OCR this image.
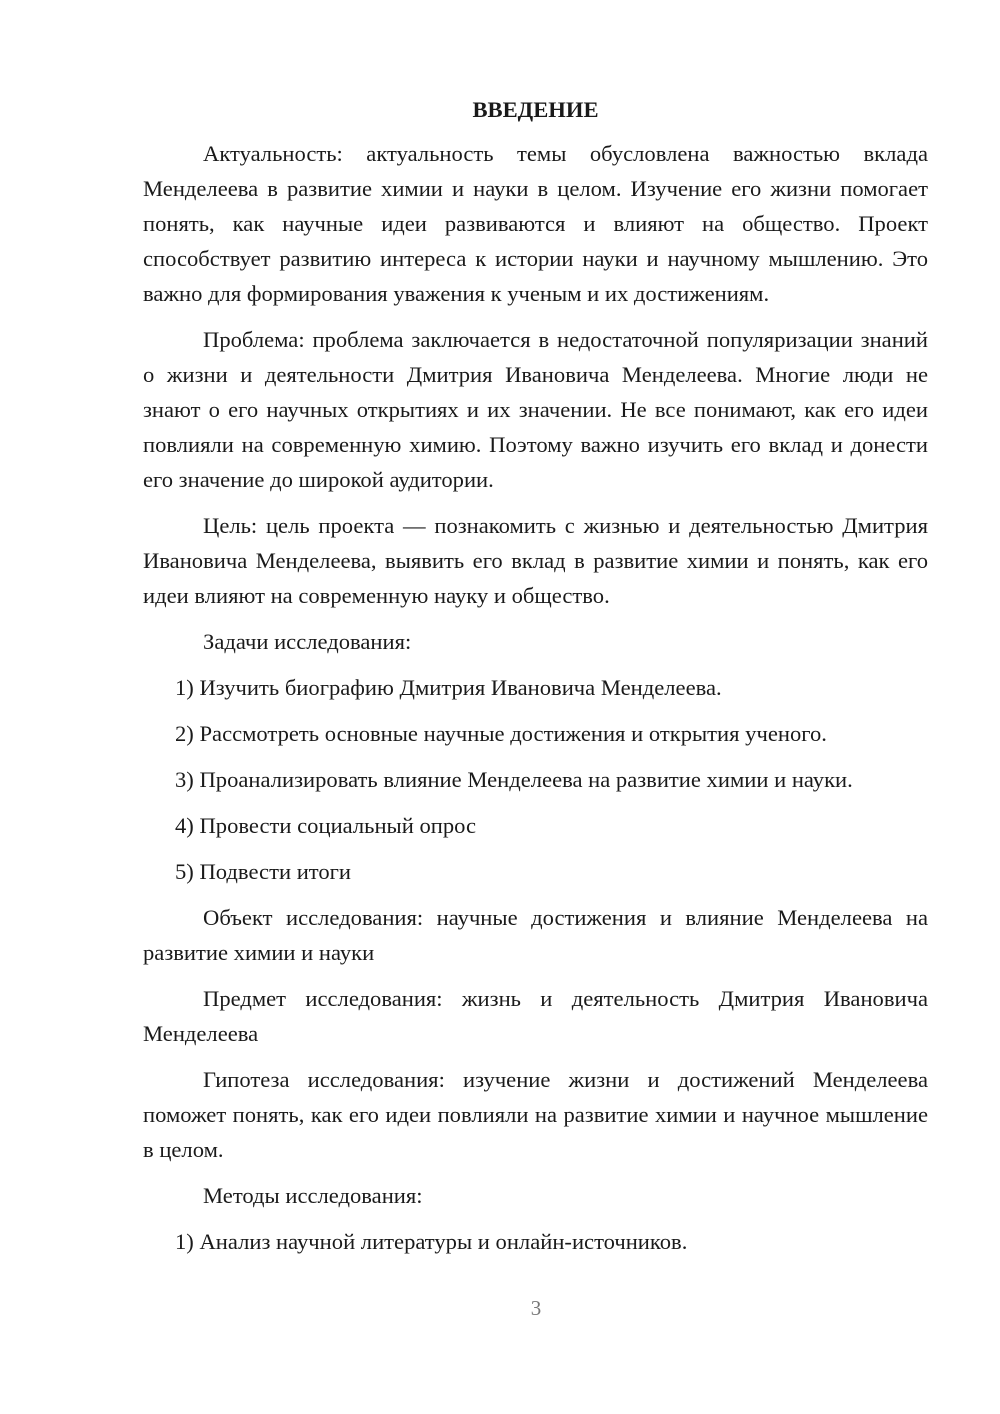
ВВЕДЕНИЕ

Актуальность: актуальность темы обусловлена важностью вклада Менделеева в развитие химии и науки в целом. Изучение его жизни помогает понять, как научные идеи развиваются и влияют на общество. Проект способствует развитию интереса к истории науки и научному мышлению. Это важно для формирования уважения к ученым и их достижениям.

Проблема: проблема заключается в недостаточной популяризации знаний о жизни и деятельности Дмитрия Ивановича Менделеева. Многие люди не знают о его научных открытиях и их значении. Не все понимают, как его идеи повлияли на современную химию. Поэтому важно изучить его вклад и донести его значение до широкой аудитории.

Цель: цель проекта — познакомить с жизнью и деятельностью Дмитрия Ивановича Менделеева, выявить его вклад в развитие химии и понять, как его идеи влияют на современную науку и общество.

Задачи исследования:

1) Изучить биографию Дмитрия Ивановича Менделеева.

2) Рассмотреть основные научные достижения и открытия ученого.

3) Проанализировать влияние Менделеева на развитие химии и науки.

4) Провести социальный опрос

5) Подвести итоги

Объект исследования: научные достижения и влияние Менделеева на развитие химии и науки

Предмет исследования: жизнь и деятельность Дмитрия Ивановича Менделеева

Гипотеза исследования: изучение жизни и достижений Менделеева поможет понять, как его идеи повлияли на развитие химии и научное мышление в целом.

Методы исследования:

1) Анализ научной литературы и онлайн-источников.

3
